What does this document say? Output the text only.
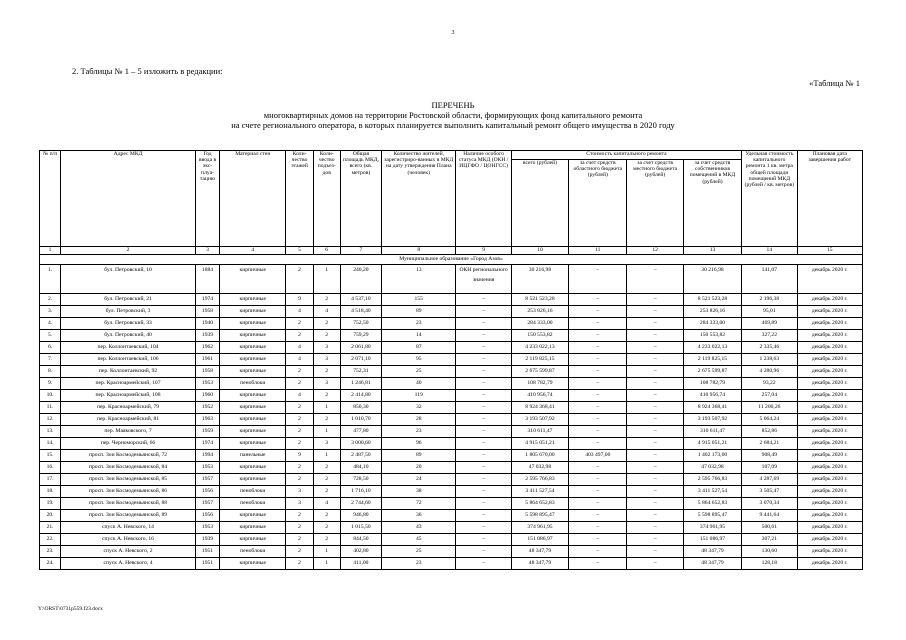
3
2. Таблицы № 1 – 5 изложить в редакции:
«Таблица № 1
ПЕРЕЧЕНЬ
многоквартирных домов на территории Ростовской области, формирующих фонд капитального ремонта
на счете регионального оператора, в которых планируется выполнить капитальный ремонт общего имущества в 2020 году
№ п/п	Адрес МКД	Год ввода в экс-плуа-тацию	Материал стен	Коли-чество этажей	Коли-чество подъез-дов	Общая площадь МКД, всего (кв. метров)	Количество жителей, зарегистриро-ванных в МКД на дату утверждения Плана (человек)	Наличие особого статуса МКД (ОКН / ИЦГФО / ЦОНГСС)	Стоимость капитального ремонта				Удельная стоимость капитального ремонта 1 кв. метра общей площади помещений МКД (рублей / кв. метров)	Плановая дата завершения работ
									всего (рублей)	за счет средств областного бюджета (рублей)	за счет средств местного бюджета (рублей)	за счет средств собственников помещений в МКД (рублей)		
1	2	3	4	5	6	7	8	9	10	11	12	13	14	15
Муниципальное образование «Город Азов»														
1.	бул. Петровский, 10	1884	кирпичные	2	1	240,20	13	ОКН регионального значения	30 216,98	–	–	30 216,98	141,07	декабрь 2020 г.
2.	бул. Петровский, 21	1974	кирпичные	9	2	4 537,10	155	–	8 521 523,28	–	–	8 521 523,28	2 196,38	декабрь 2020 г.
3.	бул. Петровский, 3	1958	кирпичные	4	4	4 518,40	89	–	253 826,16	–	–	253 826,16	95,01	декабрь 2020 г.
4.	бул. Петровский, 33	1940	кирпичные	2	2	752,50	23	–	284 333,00	–	–	284 333,00	469,89	декабрь 2020 г.
5.	бул. Петровский, 40	1939	кирпичные	2	2	759,29	14	–	150 553,82	–	–	150 553,82	327,22	декабрь 2020 г.
6.	пер. Коллонтаевский, 104	1962	кирпичные	4	3	2 061,80	87	–	4 233 022,13	–	–	4 233 022,13	2 335,46	декабрь 2020 г.
7.	пер. Коллонтаевский, 106	1961	кирпичные	4	3	2 071,10	95	–	2 119 825,15	–	–	2 119 825,15	1 238,63	декабрь 2020 г.
8.	пер. Коллонтаевский, 92	1958	кирпичные	2	2	752,31	25	–	2 675 599,87	–	–	2 675 599,87	4 280,96	декабрь 2020 г.
9.	пер. Красноармейский, 107	1953	пеноблоки	2	3	1 246,81	40	–	108 782,79	–	–	108 782,79	93,22	декабрь 2020 г.
10.	пер. Красноармейский, 108	1960	кирпичные	4	2	2 414,80	119	–	410 956,74	–	–	410 956,74	257,04	декабрь 2020 г.
11.	пер. Красноармейский, 79	1952	кирпичные	2	1	850,30	32	–	8 924 368,41	–	–	8 924 368,41	11 200,26	декабрь 2020 г.
12.	пер. Красноармейский, 81	1963	кирпичные	2	2	1 010,70	28	–	3 193 507,92	–	–	3 193 507,92	5 064,24	декабрь 2020 г.
13.	пер. Маяковского, 7	1959	кирпичные	2	1	477,80	23	–	310 611,47	–	–	310 611,47	852,86	декабрь 2020 г.
14.	пер. Черноморский, 66	1974	кирпичные	2	3	3 000,60	96	–	4 915 051,21	–	–	4 915 051,21	2 684,21	декабрь 2020 г.
15.	просп. Зои Космодемьянской, 72	1994	панельные	9	1	2 487,50	89	–	1 805 670,00	403 497,00	–	1 402 173,00	908,49	декабрь 2020 г.
16.	просп. Зои Космодемьянской, 84	1953	кирпичные	2	2	484,10	20	–	47 032,98	–	–	47 032,98	107,09	декабрь 2020 г.
17.	просп. Зои Космодемьянской, 85	1957	кирпичные	2	2	728,50	24	–	2 595 766,83	–	–	2 595 766,83	4 287,69	декабрь 2020 г.
18.	просп. Зои Космодемьянской, 86	1956	пеноблоки	3	2	1 716,10	38	–	3 411 527,54	–	–	3 411 527,54	3 505,47	декабрь 2020 г.
19.	просп. Зои Космодемьянской, 88	1957	пеноблоки	3	4	2 744,60	72	–	5 864 652,83	–	–	5 864 652,83	3 070,34	декабрь 2020 г.
20.	просп. Зои Космодемьянской, 89	1956	кирпичные	2	2	946,80	36	–	5 598 895,47	–	–	5 598 895,47	9 441,64	декабрь 2020 г.
21.	спуск А. Невского, 14	1953	кирпичные	2	2	1 015,50	43	–	374 961,95	–	–	374 961,95	500,61	декабрь 2020 г.
22.	спуск А. Невского, 16	1939	кирпичные	2	2	844,50	45	–	151 086,97	–	–	151 086,97	307,21	декабрь 2020 г.
23.	спуск А. Невского, 2	1951	пеноблоки	2	1	402,80	25	–	48 347,79	–	–	48 347,79	130,60	декабрь 2020 г.
24.	спуск А. Невского, 4	1951	кирпичные	2	1	411,00	23	–	48 347,79	–	–	48 347,79	128,18	декабрь 2020 г.
Y:\ORST\0731p559.f23.docx
